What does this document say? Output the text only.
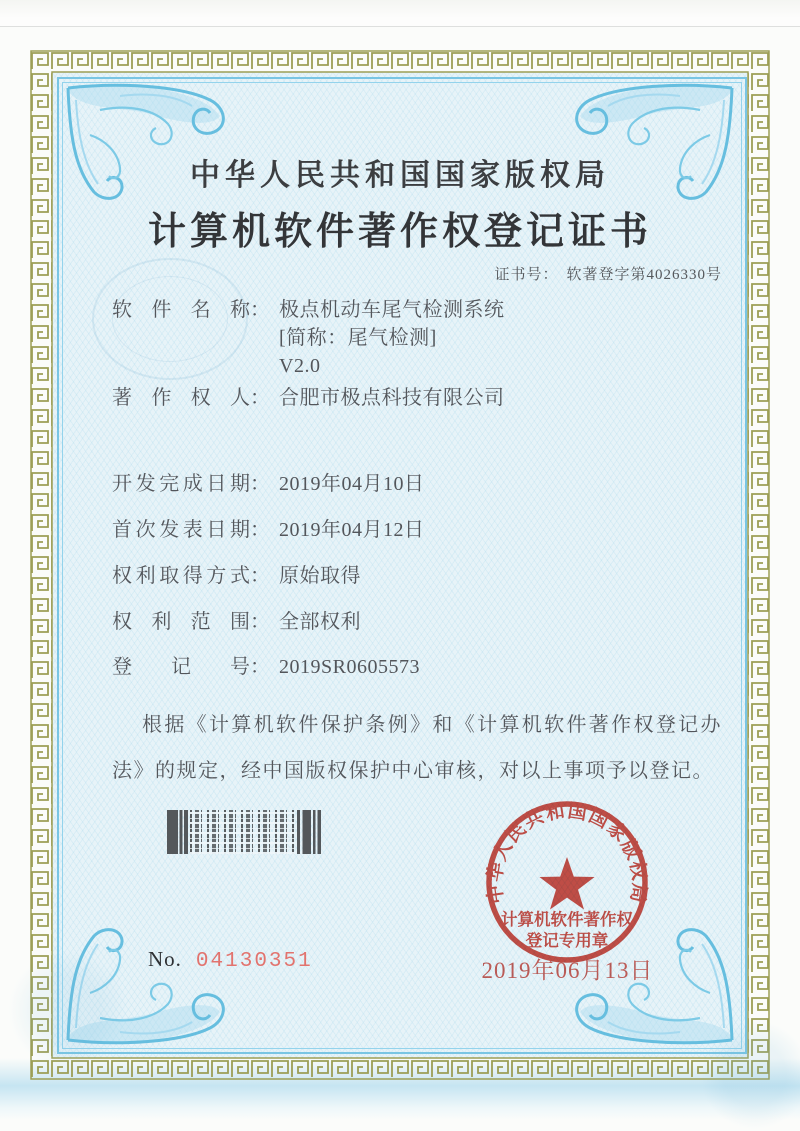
中华人民共和国国家版权局
计算机软件著作权登记证书
证书号： 软著登字第4026330号
软 件 名 称： 极点机动车尾气检测系统
[简称：尾气检测]
V2.0
著 作 权 人： 合肥市极点科技有限公司
开发完成日期： 2019年04月10日
首次发表日期： 2019年04月12日
权利取得方式： 原始取得
权 利 范 围： 全部权利
登 记 号： 2019SR0605573
根据《计算机软件保护条例》和《计算机软件著作权登记办法》的规定，经中国版权保护中心审核，对以上事项予以登记。
中华人民共和国国家版权局
计算机软件著作权
登记专用章
2019年06月13日
No. 04130351
